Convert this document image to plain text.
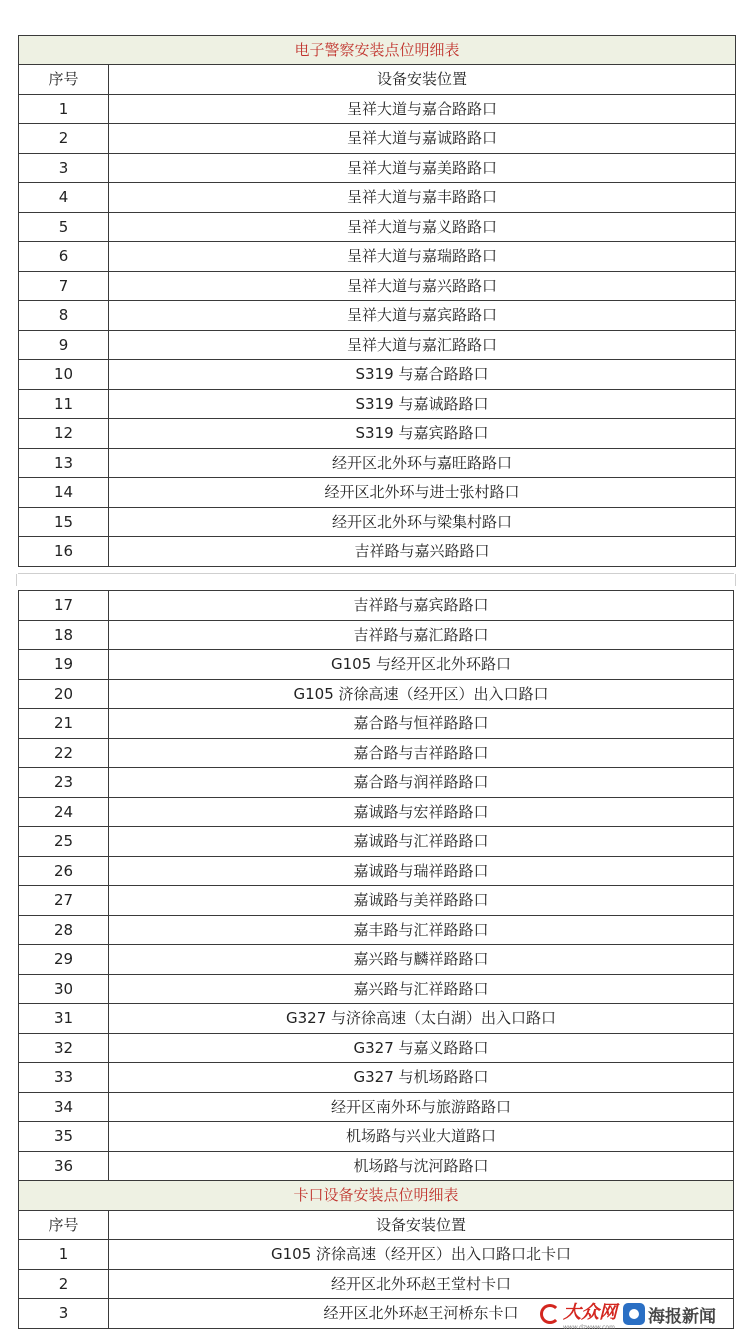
电子警察安装点位明细表	
序号	设备安装位置
1	呈祥大道与嘉合路路口
2	呈祥大道与嘉诚路路口
3	呈祥大道与嘉美路路口
4	呈祥大道与嘉丰路路口
5	呈祥大道与嘉义路路口
6	呈祥大道与嘉瑞路路口
7	呈祥大道与嘉兴路路口
8	呈祥大道与嘉宾路路口
9	呈祥大道与嘉汇路路口
10	S319 与嘉合路路口
11	S319 与嘉诚路路口
12	S319 与嘉宾路路口
13	经开区北外环与嘉旺路路口
14	经开区北外环与进士张村路口
15	经开区北外环与梁集村路口
16	吉祥路与嘉兴路路口
17	吉祥路与嘉宾路路口
18	吉祥路与嘉汇路路口
19	G105 与经开区北外环路口
20	G105 济徐高速（经开区）出入口路口
21	嘉合路与恒祥路路口
22	嘉合路与吉祥路路口
23	嘉合路与润祥路路口
24	嘉诚路与宏祥路路口
25	嘉诚路与汇祥路路口
26	嘉诚路与瑞祥路路口
27	嘉诚路与美祥路路口
28	嘉丰路与汇祥路路口
29	嘉兴路与麟祥路路口
30	嘉兴路与汇祥路路口
31	G327 与济徐高速（太白湖）出入口路口
32	G327 与嘉义路路口
33	G327 与机场路路口
34	经开区南外环与旅游路路口
35	机场路与兴业大道路口
36	机场路与沈河路路口
卡口设备安装点位明细表	
序号	设备安装位置
1	G105 济徐高速（经开区）出入口路口北卡口
2	经开区北外环赵王堂村卡口
3	经开区北外环赵王河桥东卡口 大众网
www.dzwww.com
海报新闻
